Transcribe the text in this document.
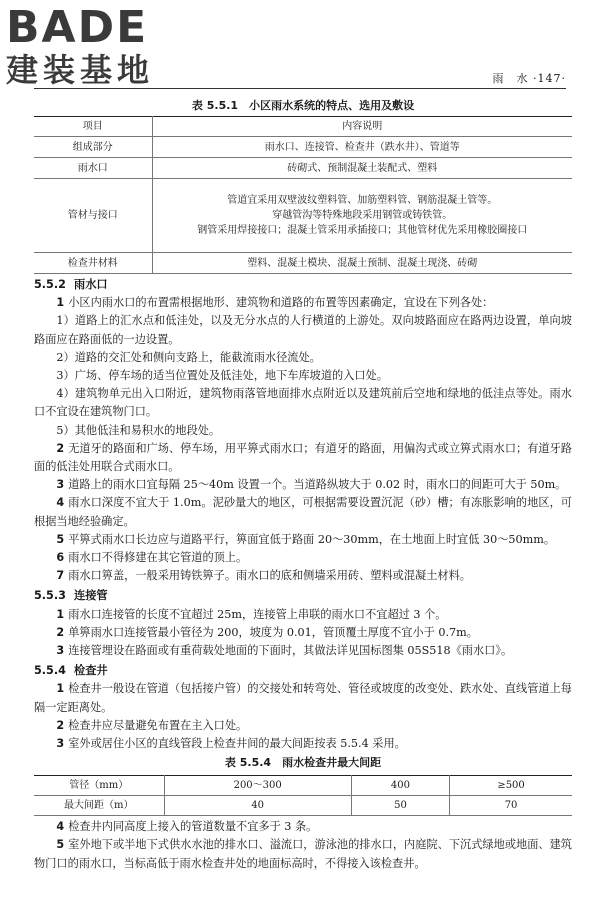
BADE
建装基地	雨　水 ·147·
表 5.5.1　小区雨水系统的特点、选用及敷设
项目	内容说明
组成部分	雨水口、连接管、检查井（跌水井）、管道等

雨水口	砖砌式、预制混凝土装配式、塑料

管材与接口	管道宜采用双壁波纹塑料管、加筋塑料管、钢筋混凝土管等。
穿越管沟等特殊地段采用钢管或铸铁管。
钢管采用焊接接口；混凝土管采用承插接口；其他管材优先采用橡胶圈接口

检查井材料	塑料、混凝土模块、混凝土预制、混凝土现浇、砖砌
5.5.2 雨水口
1 小区内雨水口的布置需根据地形、建筑物和道路的布置等因素确定，宜设在下列各处：
1）道路上的汇水点和低洼处，以及无分水点的人行横道的上游处。双向坡路面应在路两边设置，单向坡路面应在路面低的一边设置。
2）道路的交汇处和侧向支路上，能截流雨水径流处。
3）广场、停车场的适当位置处及低洼处，地下车库坡道的入口处。
4）建筑物单元出入口附近，建筑物雨落管地面排水点附近以及建筑前后空地和绿地的低洼点等处。雨水口不宜设在建筑物门口。
5）其他低洼和易积水的地段处。
2 无道牙的路面和广场、停车场，用平箅式雨水口；有道牙的路面，用偏沟式或立箅式雨水口；有道牙路面的低洼处用联合式雨水口。
3 道路上的雨水口宜每隔 25～40m 设置一个。当道路纵坡大于 0.02 时，雨水口的间距可大于 50m。
4 雨水口深度不宜大于 1.0m。泥砂量大的地区，可根据需要设置沉泥（砂）槽；有冻胀影响的地区，可根据当地经验确定。
5 平箅式雨水口长边应与道路平行，箅面宜低于路面 20～30mm，在土地面上时宜低 30～50mm。
6 雨水口不得修建在其它管道的顶上。
7 雨水口箅盖，一般采用铸铁箅子。雨水口的底和侧墙采用砖、塑料或混凝土材料。
5.5.3 连接管
1 雨水口连接管的长度不宜超过 25m，连接管上串联的雨水口不宜超过 3 个。
2 单箅雨水口连接管最小管径为 200，坡度为 0.01，管顶覆土厚度不宜小于 0.7m。
3 连接管埋设在路面或有重荷载处地面的下面时，其做法详见国标图集 05S518《雨水口》。
5.5.4 检查井
1 检查井一般设在管道（包括接户管）的交接处和转弯处、管径或坡度的改变处、跌水处、直线管道上每隔一定距离处。
2 检查井应尽量避免布置在主入口处。
3 室外或居住小区的直线管段上检查井间的最大间距按表 5.5.4 采用。
表 5.5.4　雨水检查井最大间距
管径（mm）	200～300	400	≥500
最大间距（m）	40	50	70
4 检查井内同高度上接入的管道数量不宜多于 3 条。
5 室外地下或半地下式供水水池的排水口、溢流口，游泳池的排水口，内庭院、下沉式绿地或地面、建筑物门口的雨水口，当标高低于雨水检查井处的地面标高时，不得接入该检查井。
